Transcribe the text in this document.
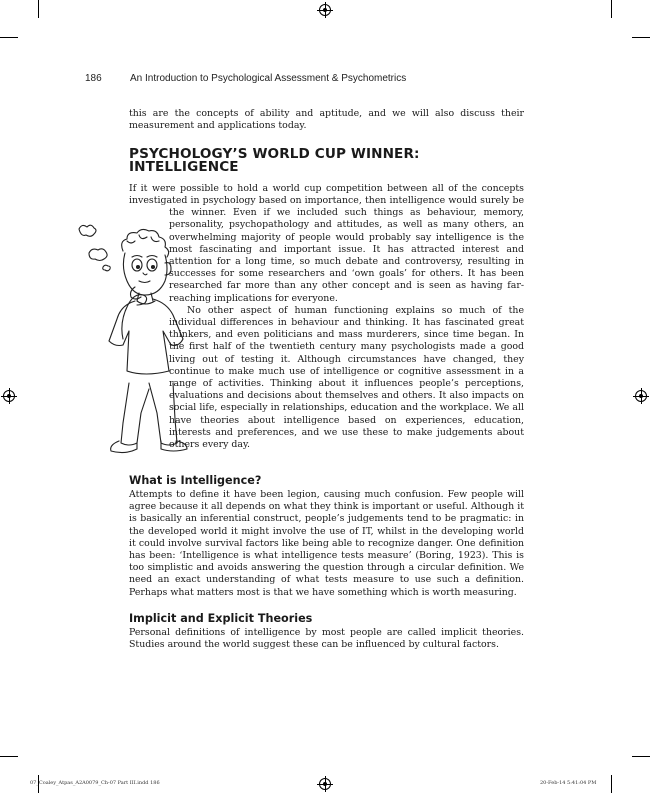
186	An Introduction to Psychological Assessment & Psychometrics

this are the concepts of ability and aptitude, and we will also discuss their measurement and applications today.

PSYCHOLOGY’S WORLD CUP WINNER: INTELLIGENCE

If it were possible to hold a world cup competition between all of the concepts investigated in psychology based on importance, then intelligence would surely be the winner. Even if we included such things as behaviour, memory, personality, psychopathology and attitudes, as well as many others, an overwhelming majority of people would probably say intelligence is the most fascinating and important issue. It has attracted interest and attention for a long time, so much debate and controversy, resulting in successes for some researchers and ‘own goals’ for others. It has been researched far more than any other concept and is seen as having far-reaching implications for everyone.

No other aspect of human functioning explains so much of the individual differences in behaviour and thinking. It has fascinated great thinkers, and even politicians and mass murderers, since time began. In the first half of the twentieth century many psychologists made a good living out of testing it. Although circumstances have changed, they continue to make much use of intelligence or cognitive assessment in a range of activities. Thinking about it influences people’s perceptions, evaluations and decisions about themselves and others. It also impacts on social life, especially in relationships, education and the workplace. We all have theories about intelligence based on experiences, education, interests and preferences, and we use these to make judgements about others every day.

What is Intelligence?

Attempts to define it have been legion, causing much confusion. Few people will agree because it all depends on what they think is important or useful. Although it is basically an inferential construct, people’s judgements tend to be pragmatic: in the developed world it might involve the use of IT, whilst in the developing world it could involve survival factors like being able to recognize danger. One definition has been: ‘Intelligence is what intelligence tests measure’ (Boring, 1923). This is too simplistic and avoids answering the question through a circular definition. We need an exact understanding of what tests measure to use such a definition. Perhaps what matters most is that we have something which is worth measuring.

Implicit and Explicit Theories

Personal definitions of intelligence by most people are called implicit theories. Studies around the world suggest these can be influenced by cultural factors.

07_Coaley_Atpas_A2A0079_Ch-07 Part III.indd 186	20-Feb-14 5:41:04 PM
